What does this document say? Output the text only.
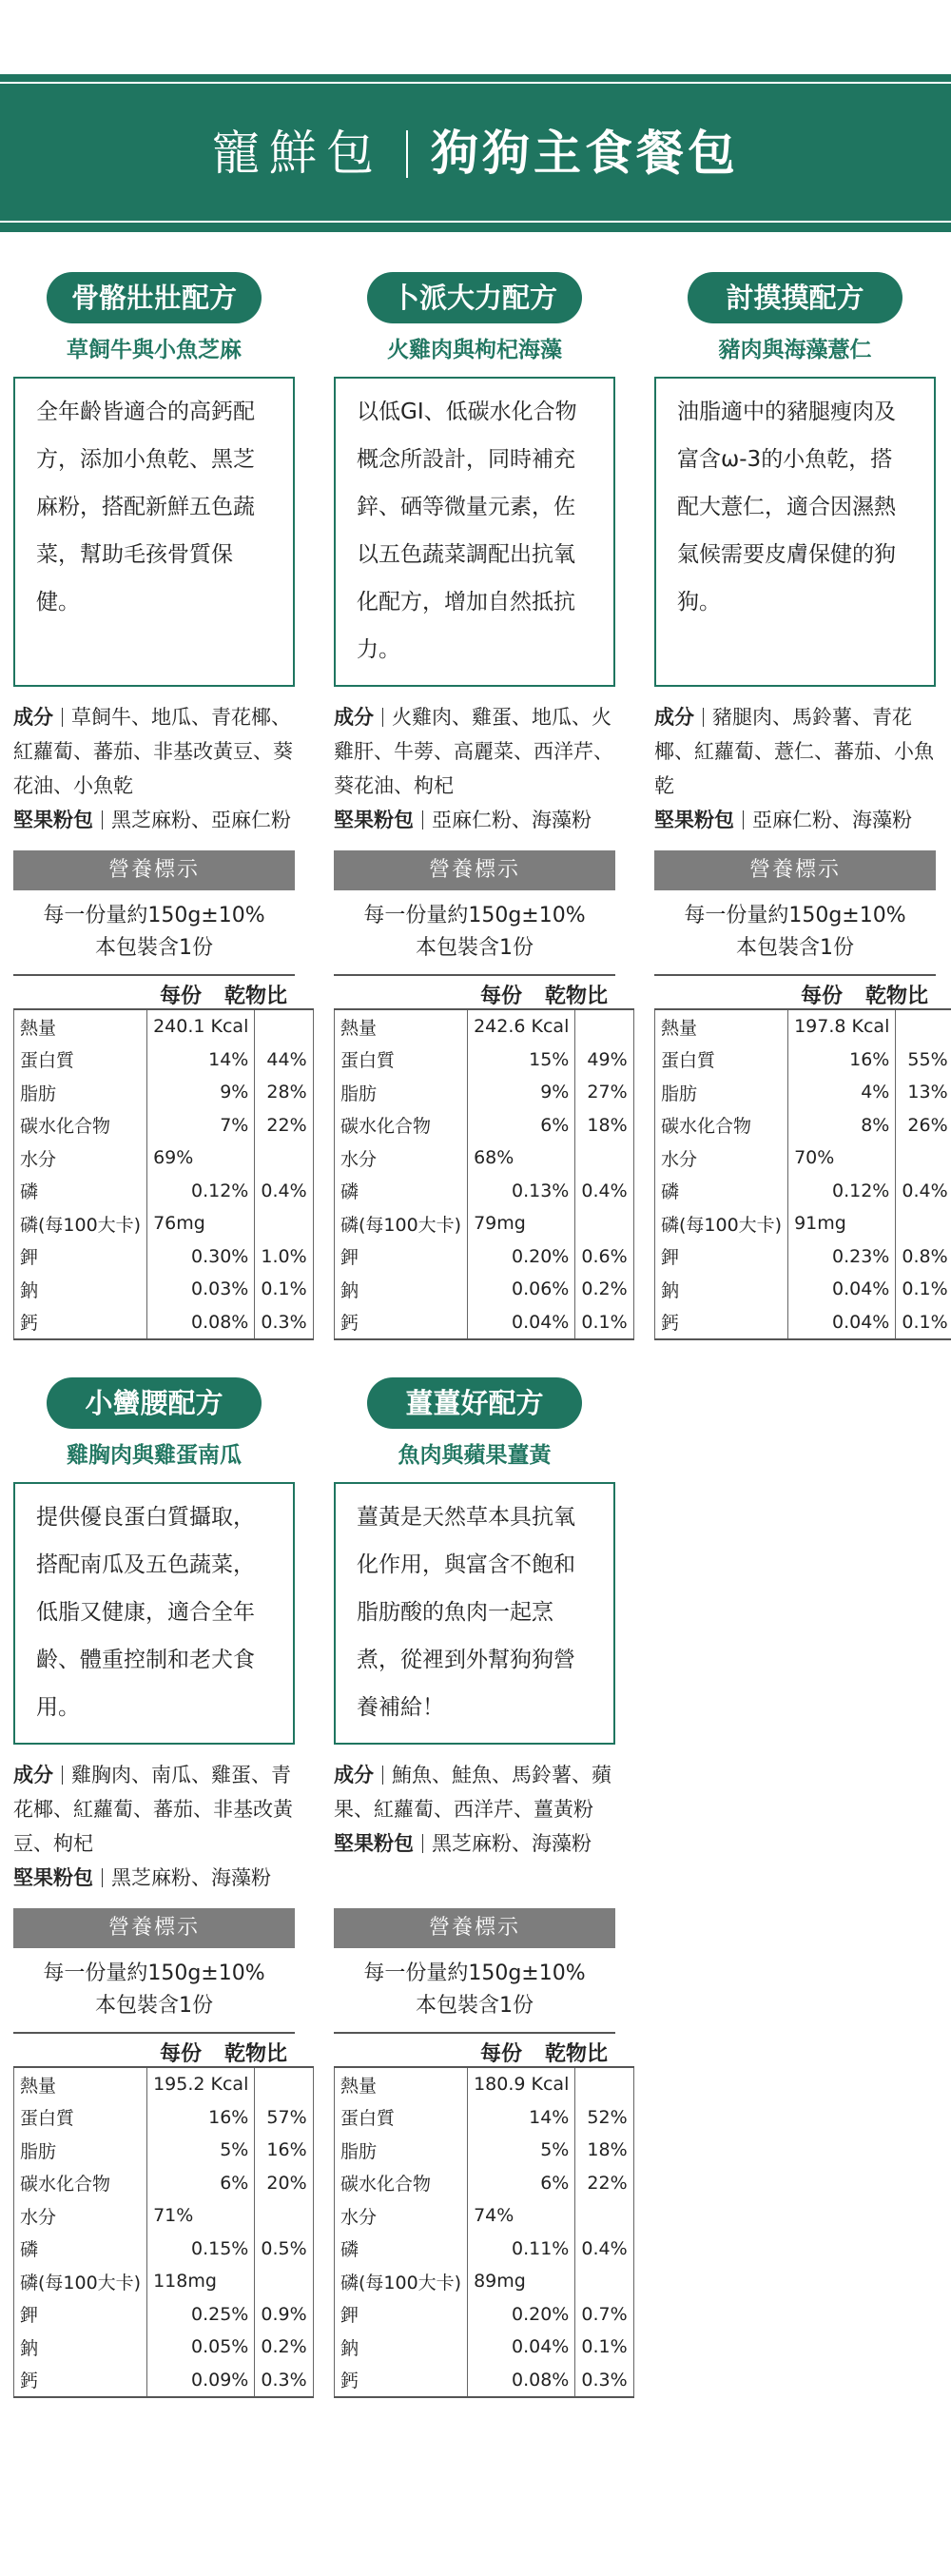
寵鮮包 狗狗主食餐包
骨骼壯壯配方
草飼牛與小魚芝麻
全年齡皆適合的高鈣配方，添加小魚乾、黑芝麻粉，搭配新鮮五色蔬菜，幫助毛孩骨質保健。
成分 草飼牛、地瓜、青花椰、紅蘿蔔、蕃茄、非基改黃豆、葵花油、小魚乾
堅果粉包 黑芝麻粉、亞麻仁粉
營養標示
每一份量約150g±10%
本包裝含1份
每份 乾物比
熱量	240.1 Kcal	
蛋白質	14%	44%
脂肪	9%	28%
碳水化合物	7%	22%
水分	69%	
磷	0.12%	0.4%
磷(每100大卡)	76mg	
鉀	0.30%	1.0%
鈉	0.03%	0.1%
鈣	0.08%	0.3%
卜派大力配方
火雞肉與枸杞海藻
以低GI、低碳水化合物概念所設計，同時補充鋅、硒等微量元素，佐以五色蔬菜調配出抗氧化配方，增加自然抵抗力。
成分 火雞肉、雞蛋、地瓜、火雞肝、牛蒡、高麗菜、西洋芹、葵花油、枸杞
堅果粉包 亞麻仁粉、海藻粉
營養標示
每一份量約150g±10%
本包裝含1份
每份 乾物比
熱量	242.6 Kcal	
蛋白質	15%	49%
脂肪	9%	27%
碳水化合物	6%	18%
水分	68%	
磷	0.13%	0.4%
磷(每100大卡)	79mg	
鉀	0.20%	0.6%
鈉	0.06%	0.2%
鈣	0.04%	0.1%
討摸摸配方
豬肉與海藻薏仁
油脂適中的豬腿瘦肉及富含ω-3的小魚乾，搭配大薏仁，適合因濕熱氣候需要皮膚保健的狗狗。
成分 豬腿肉、馬鈴薯、青花椰、紅蘿蔔、薏仁、蕃茄、小魚乾
堅果粉包 亞麻仁粉、海藻粉
營養標示
每一份量約150g±10%
本包裝含1份
每份 乾物比
熱量	197.8 Kcal	
蛋白質	16%	55%
脂肪	4%	13%
碳水化合物	8%	26%
水分	70%	
磷	0.12%	0.4%
磷(每100大卡)	91mg	
鉀	0.23%	0.8%
鈉	0.04%	0.1%
鈣	0.04%	0.1%
小蠻腰配方
雞胸肉與雞蛋南瓜
提供優良蛋白質攝取，搭配南瓜及五色蔬菜，低脂又健康，適合全年齡、體重控制和老犬食用。
成分 雞胸肉、南瓜、雞蛋、青花椰、紅蘿蔔、蕃茄、非基改黃豆、枸杞
堅果粉包 黑芝麻粉、海藻粉
營養標示
每一份量約150g±10%
本包裝含1份
每份 乾物比
熱量	195.2 Kcal	
蛋白質	16%	57%
脂肪	5%	16%
碳水化合物	6%	20%
水分	71%	
磷	0.15%	0.5%
磷(每100大卡)	118mg	
鉀	0.25%	0.9%
鈉	0.05%	0.2%
鈣	0.09%	0.3%
薑薑好配方
魚肉與蘋果薑黃
薑黃是天然草本具抗氧化作用，與富含不飽和脂肪酸的魚肉一起烹煮，從裡到外幫狗狗營養補給！
成分 鮪魚、鮭魚、馬鈴薯、蘋果、紅蘿蔔、西洋芹、薑黃粉
堅果粉包 黑芝麻粉、海藻粉
營養標示
每一份量約150g±10%
本包裝含1份
每份 乾物比
熱量	180.9 Kcal	
蛋白質	14%	52%
脂肪	5%	18%
碳水化合物	6%	22%
水分	74%	
磷	0.11%	0.4%
磷(每100大卡)	89mg	
鉀	0.20%	0.7%
鈉	0.04%	0.1%
鈣	0.08%	0.3%
